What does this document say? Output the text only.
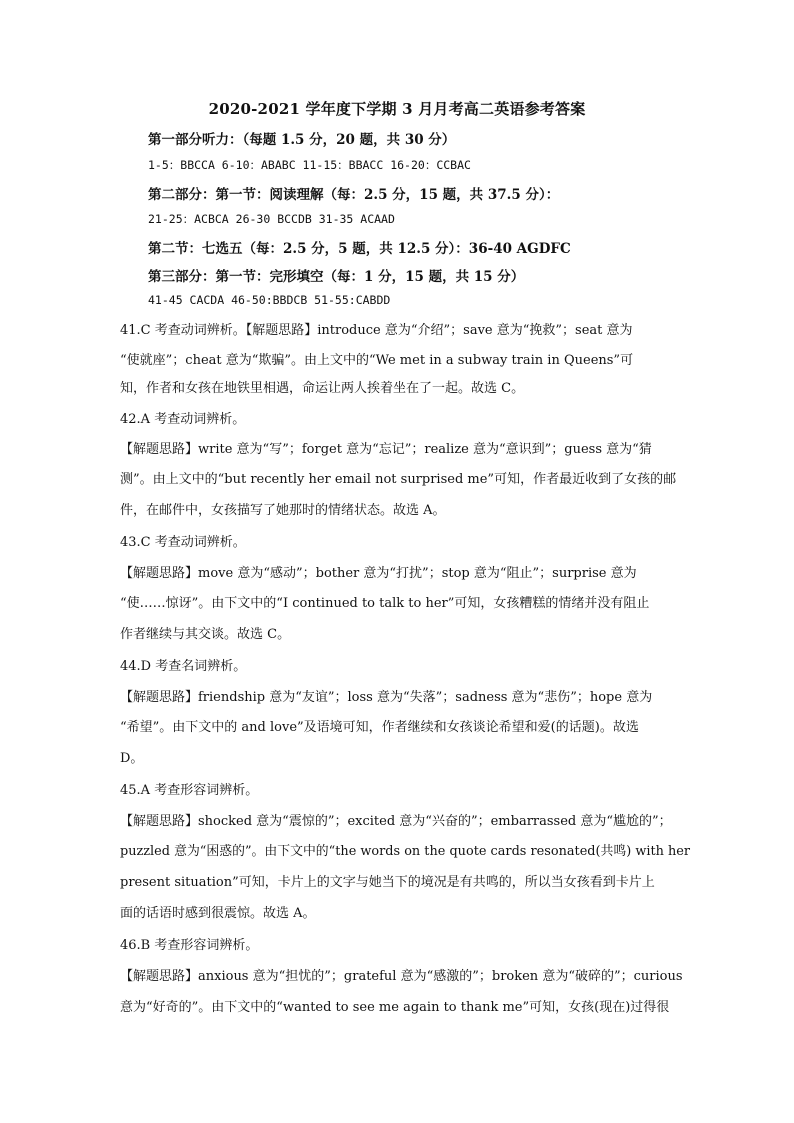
2020-2021 学年度下学期 3 月月考高二英语参考答案
第一部分听力：（每题 1.5 分，20 题，共 30 分）
1-5：BBCCA 6-10：ABABC 11-15：BBACC 16-20：CCBAC
第二部分：第一节：阅读理解（每：2.5 分，15 题，共 37.5 分）：
21-25：ACBCA 26-30 BCCDB 31-35 ACAAD
第二节：七选五（每：2.5 分，5 题，共 12.5 分）：36-40 AGDFC
第三部分：第一节：完形填空（每：1 分，15 题，共 15 分）
41-45 CACDA 46-50:BBDCB 51-55:CABDD
41.C 考查动词辨析。【解题思路】introduce 意为“介绍”；save 意为“挽救”；seat 意为
“使就座”；cheat 意为“欺骗”。由上文中的“We met in a subway train in Queens”可
知，作者和女孩在地铁里相遇，命运让两人挨着坐在了一起。故选 C。
42.A 考查动词辨析。
【解题思路】write 意为“写”；forget 意为“忘记”；realize 意为“意识到”；guess 意为“猜
测”。由上文中的“but recently her email not surprised me”可知，作者最近收到了女孩的邮
件，在邮件中，女孩描写了她那时的情绪状态。故选 A。
43.C 考查动词辨析。
【解题思路】move 意为“感动”；bother 意为“打扰”；stop 意为“阻止”；surprise 意为
“使……惊讶”。由下文中的“I continued to talk to her”可知，女孩糟糕的情绪并没有阻止
作者继续与其交谈。故选 C。
44.D 考查名词辨析。
【解题思路】friendship 意为“友谊”；loss 意为“失落”；sadness 意为“悲伤”；hope 意为
“希望”。由下文中的 and love”及语境可知，作者继续和女孩谈论希望和爱(的话题)。故选
D。
45.A 考查形容词辨析。
【解题思路】shocked 意为“震惊的”；excited 意为“兴奋的”；embarrassed 意为“尴尬的”；
puzzled 意为“困惑的”。由下文中的“the words on the quote cards resonated(共鸣) with her
present situation”可知，卡片上的文字与她当下的境况是有共鸣的，所以当女孩看到卡片上
面的话语时感到很震惊。故选 A。
46.B 考查形容词辨析。
【解题思路】anxious 意为“担忧的”；grateful 意为“感激的”；broken 意为“破碎的”；curious
意为“好奇的”。由下文中的“wanted to see me again to thank me”可知，女孩(现在)过得很
